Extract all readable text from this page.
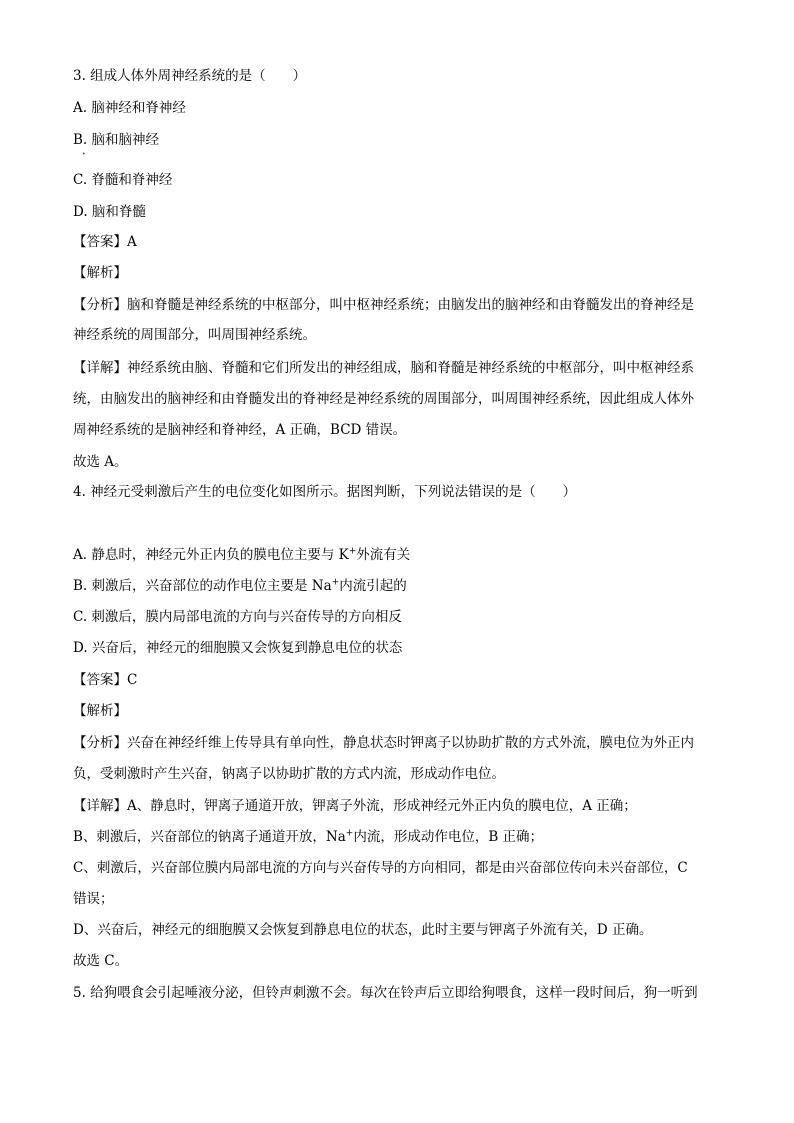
3. 组成人体外周神经系统的是（　　）
A. 脑神经和脊神经
B. 脑和脑神经
•
C. 脊髓和脊神经
D. 脑和脊髓
【答案】A
【解析】
【分析】脑和脊髓是神经系统的中枢部分，叫中枢神经系统；由脑发出的脑神经和由脊髓发出的脊神经是
神经系统的周围部分，叫周围神经系统。
【详解】神经系统由脑、脊髓和它们所发出的神经组成，脑和脊髓是神经系统的中枢部分，叫中枢神经系
统，由脑发出的脑神经和由脊髓发出的脊神经是神经系统的周围部分，叫周围神经系统，因此组成人体外
周神经系统的是脑神经和脊神经，A 正确，BCD 错误。
故选 A。
4. 神经元受刺激后产生的电位变化如图所示。据图判断，下列说法错误的是（　　）
A. 静息时，神经元外正内负的膜电位主要与 K+外流有关
B. 刺激后，兴奋部位的动作电位主要是 Na+内流引起的
C. 刺激后，膜内局部电流的方向与兴奋传导的方向相反
D. 兴奋后，神经元的细胞膜又会恢复到静息电位的状态
【答案】C
【解析】
【分析】兴奋在神经纤维上传导具有单向性，静息状态时钾离子以协助扩散的方式外流，膜电位为外正内
负，受刺激时产生兴奋，钠离子以协助扩散的方式内流，形成动作电位。
【详解】A、静息时，钾离子通道开放，钾离子外流，形成神经元外正内负的膜电位，A 正确；
B、刺激后，兴奋部位的钠离子通道开放，Na+内流，形成动作电位，B 正确；
C、刺激后，兴奋部位膜内局部电流的方向与兴奋传导的方向相同，都是由兴奋部位传向未兴奋部位，C
错误；
D、兴奋后，神经元的细胞膜又会恢复到静息电位的状态，此时主要与钾离子外流有关，D 正确。
故选 C。
5. 给狗喂食会引起唾液分泌，但铃声刺激不会。每次在铃声后立即给狗喂食，这样一段时间后，狗一听到
